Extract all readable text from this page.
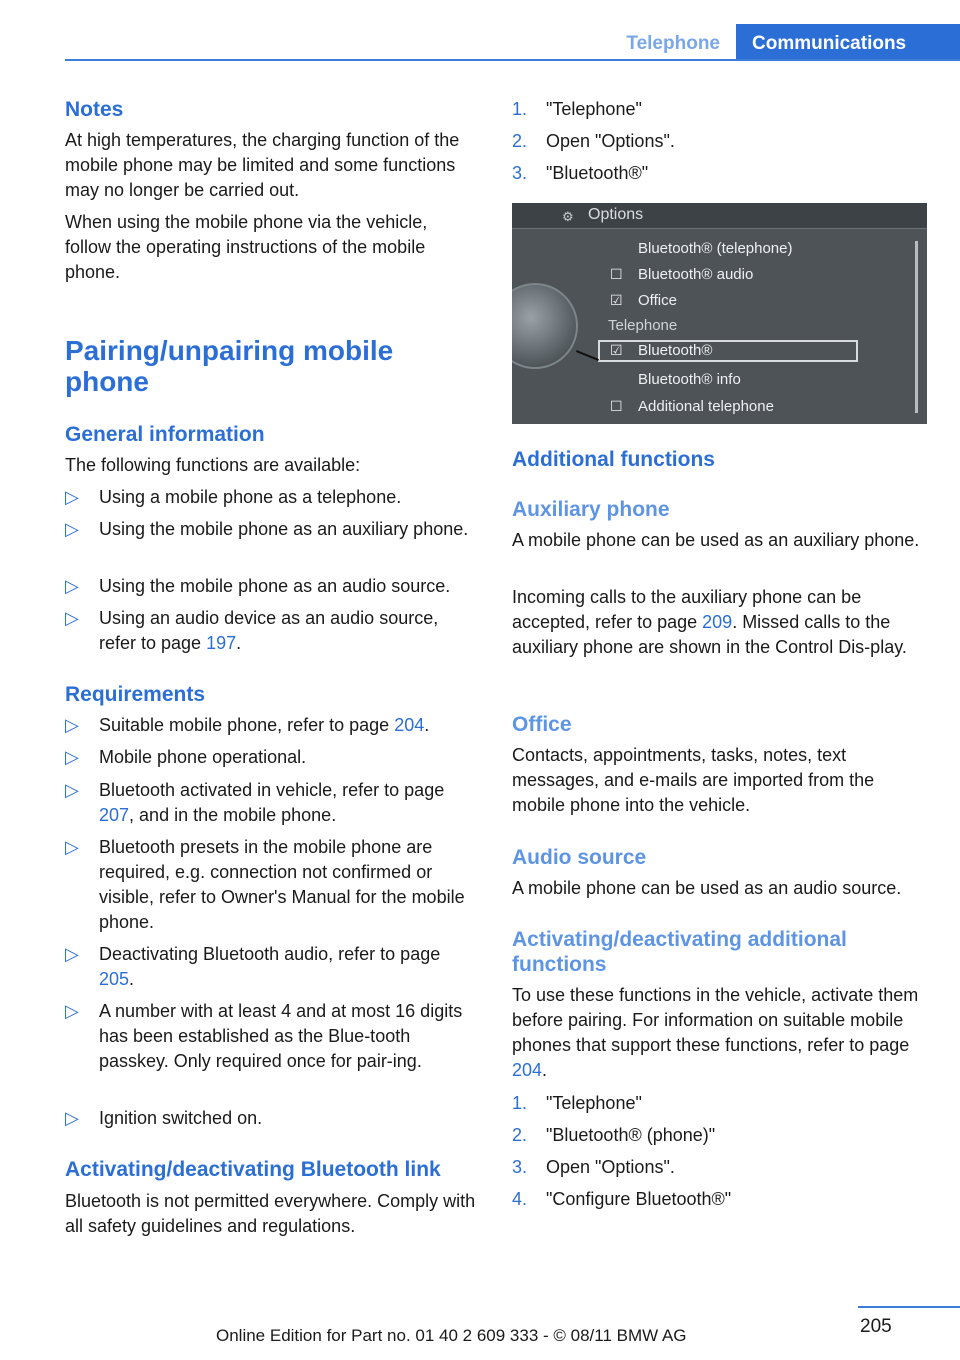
Telephone	Communications
Notes
At high temperatures, the charging function of the mobile phone may be limited and some functions may no longer be carried out.
When using the mobile phone via the vehicle, follow the operating instructions of the mobile phone.
Pairing/unpairing mobile phone
General information
The following functions are available:
▷	Using a mobile phone as a telephone.
▷	Using the mobile phone as an auxiliary phone.
▷	Using the mobile phone as an audio source.
▷	Using an audio device as an audio source, refer to page 197.
Requirements
▷	Suitable mobile phone, refer to page 204.
▷	Mobile phone operational.
▷	Bluetooth activated in vehicle, refer to page 207, and in the mobile phone.
▷	Bluetooth presets in the mobile phone are required, e.g. connection not confirmed or visible, refer to Owner's Manual for the mobile phone.
▷	Deactivating Bluetooth audio, refer to page 205.
▷	A number with at least 4 and at most 16 digits has been established as the Blue-tooth passkey. Only required once for pair-ing.
▷	Ignition switched on.
Activating/deactivating Bluetooth link
Bluetooth is not permitted everywhere. Comply with all safety guidelines and regulations.
1.	"Telephone"
2.	Open "Options".
3.	"Bluetooth®"
Additional functions
Auxiliary phone
A mobile phone can be used as an auxiliary phone.
Incoming calls to the auxiliary phone can be accepted, refer to page 209. Missed calls to the auxiliary phone are shown in the Control Dis-play.
Office
Contacts, appointments, tasks, notes, text messages, and e-mails are imported from the mobile phone into the vehicle.
Audio source
A mobile phone can be used as an audio source.
Activating/deactivating additional functions
To use these functions in the vehicle, activate them before pairing. For information on suitable mobile phones that support these functions, refer to page 204.
1.	"Telephone"
2.	"Bluetooth® (phone)"
3.	Open "Options".
4.	"Configure Bluetooth®"
⚙ Options
Bluetooth® (telephone)
☐ Bluetooth® audio
☑ Office
Telephone
☑ Bluetooth®
Bluetooth® info
☐ Additional telephone
205
Online Edition for Part no. 01 40 2 609 333 - © 08/11 BMW AG
